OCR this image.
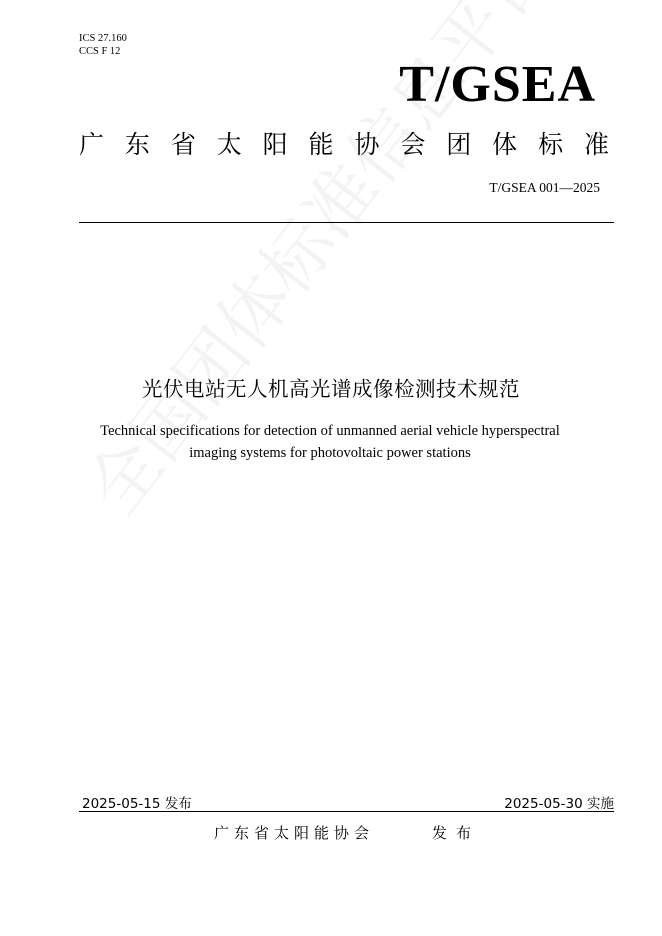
ICS 27.160
CCS F 12
T/GSEA
广 东 省 太 阳 能 协 会 团 体 标 准
T/GSEA 001—2025
光伏电站无人机高光谱成像检测技术规范
Technical specifications for detection of unmanned aerial vehicle hyperspectral
imaging systems for photovoltaic power stations
2025-05-15 发布	2025-05-30 实施
广东省太阳能协会	发布
